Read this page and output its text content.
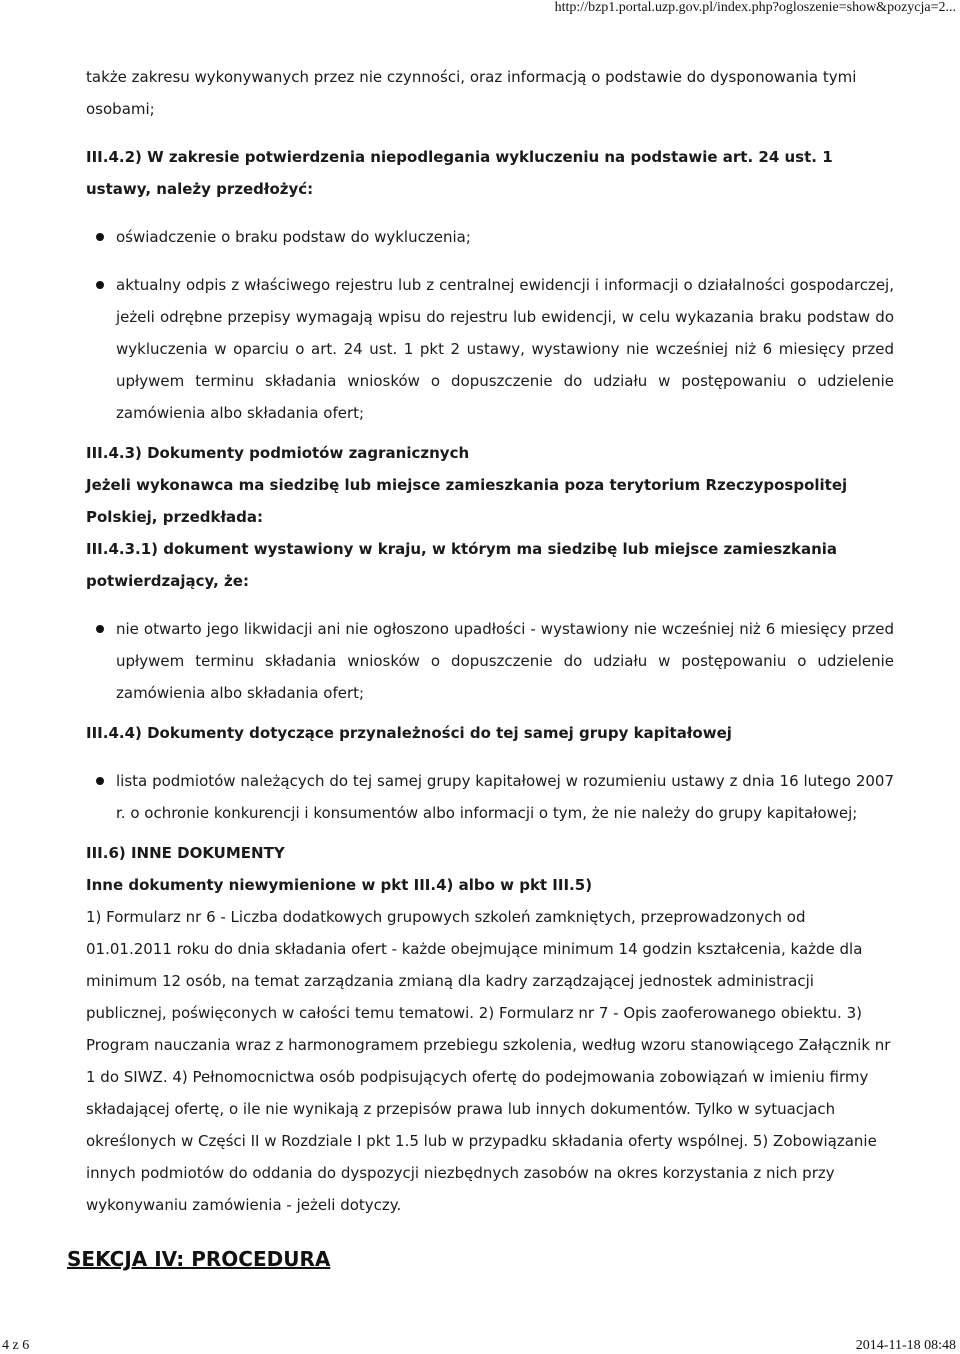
http://bzp1.portal.uzp.gov.pl/index.php?ogloszenie=show&pozycja=2...

także zakresu wykonywanych przez nie czynności, oraz informacją o podstawie do dysponowania tymi osobami;

III.4.2) W zakresie potwierdzenia niepodlegania wykluczeniu na podstawie art. 24 ust. 1 ustawy, należy przedłożyć:

oświadczenie o braku podstaw do wykluczenia;
aktualny odpis z właściwego rejestru lub z centralnej ewidencji i informacji o działalności gospodarczej, jeżeli odrębne przepisy wymagają wpisu do rejestru lub ewidencji, w celu wykazania braku podstaw do wykluczenia w oparciu o art. 24 ust. 1 pkt 2 ustawy, wystawiony nie wcześniej niż 6 miesięcy przed upływem terminu składania wniosków o dopuszczenie do udziału w postępowaniu o udzielenie zamówienia albo składania ofert;

III.4.3) Dokumenty podmiotów zagranicznych

Jeżeli wykonawca ma siedzibę lub miejsce zamieszkania poza terytorium Rzeczypospolitej Polskiej, przedkłada:

III.4.3.1) dokument wystawiony w kraju, w którym ma siedzibę lub miejsce zamieszkania potwierdzający, że:

nie otwarto jego likwidacji ani nie ogłoszono upadłości - wystawiony nie wcześniej niż 6 miesięcy przed upływem terminu składania wniosków o dopuszczenie do udziału w postępowaniu o udzielenie zamówienia albo składania ofert;

III.4.4) Dokumenty dotyczące przynależności do tej samej grupy kapitałowej

lista podmiotów należących do tej samej grupy kapitałowej w rozumieniu ustawy z dnia 16 lutego 2007 r. o ochronie konkurencji i konsumentów albo informacji o tym, że nie należy do grupy kapitałowej;

III.6) INNE DOKUMENTY

Inne dokumenty niewymienione w pkt III.4) albo w pkt III.5)

1) Formularz nr 6 - Liczba dodatkowych grupowych szkoleń zamkniętych, przeprowadzonych od 01.01.2011 roku do dnia składania ofert - każde obejmujące minimum 14 godzin kształcenia, każde dla minimum 12 osób, na temat zarządzania zmianą dla kadry zarządzającej jednostek administracji publicznej, poświęconych w całości temu tematowi. 2) Formularz nr 7 - Opis zaoferowanego obiektu. 3) Program nauczania wraz z harmonogramem przebiegu szkolenia, według wzoru stanowiącego Załącznik nr 1 do SIWZ. 4) Pełnomocnictwa osób podpisujących ofertę do podejmowania zobowiązań w imieniu firmy składającej ofertę, o ile nie wynikają z przepisów prawa lub innych dokumentów. Tylko w sytuacjach określonych w Części II w Rozdziale I pkt 1.5 lub w przypadku składania oferty wspólnej. 5) Zobowiązanie innych podmiotów do oddania do dyspozycji niezbędnych zasobów na okres korzystania z nich przy wykonywaniu zamówienia - jeżeli dotyczy.

SEKCJA IV: PROCEDURA
4 z 6	2014-11-18 08:48
